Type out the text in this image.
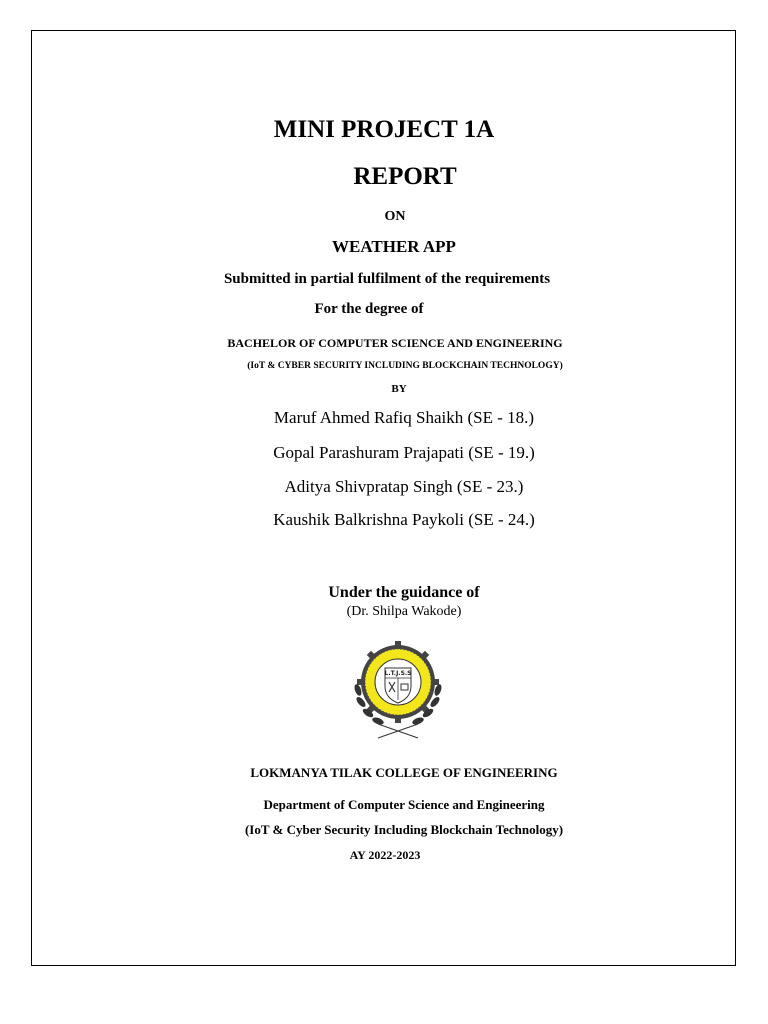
MINI PROJECT 1A
REPORT
ON
WEATHER APP
Submitted in partial fulfilment of the requirements
For the degree of
BACHELOR OF COMPUTER SCIENCE AND ENGINEERING
(IoT & CYBER SECURITY INCLUDING BLOCKCHAIN TECHNOLOGY)
BY
Maruf Ahmed Rafiq Shaikh (SE - 18.)
Gopal Parashuram Prajapati (SE - 19.)
Aditya Shivpratap Singh (SE - 23.)
Kaushik Balkrishna Paykoli (SE - 24.)
Under the guidance of
(Dr. Shilpa Wakode)
L.T.J.S.S
LOKMANYA TILAK COLLEGE OF ENGINEERING
Department of Computer Science and Engineering
(IoT & Cyber Security Including Blockchain Technology)
AY 2022-2023
